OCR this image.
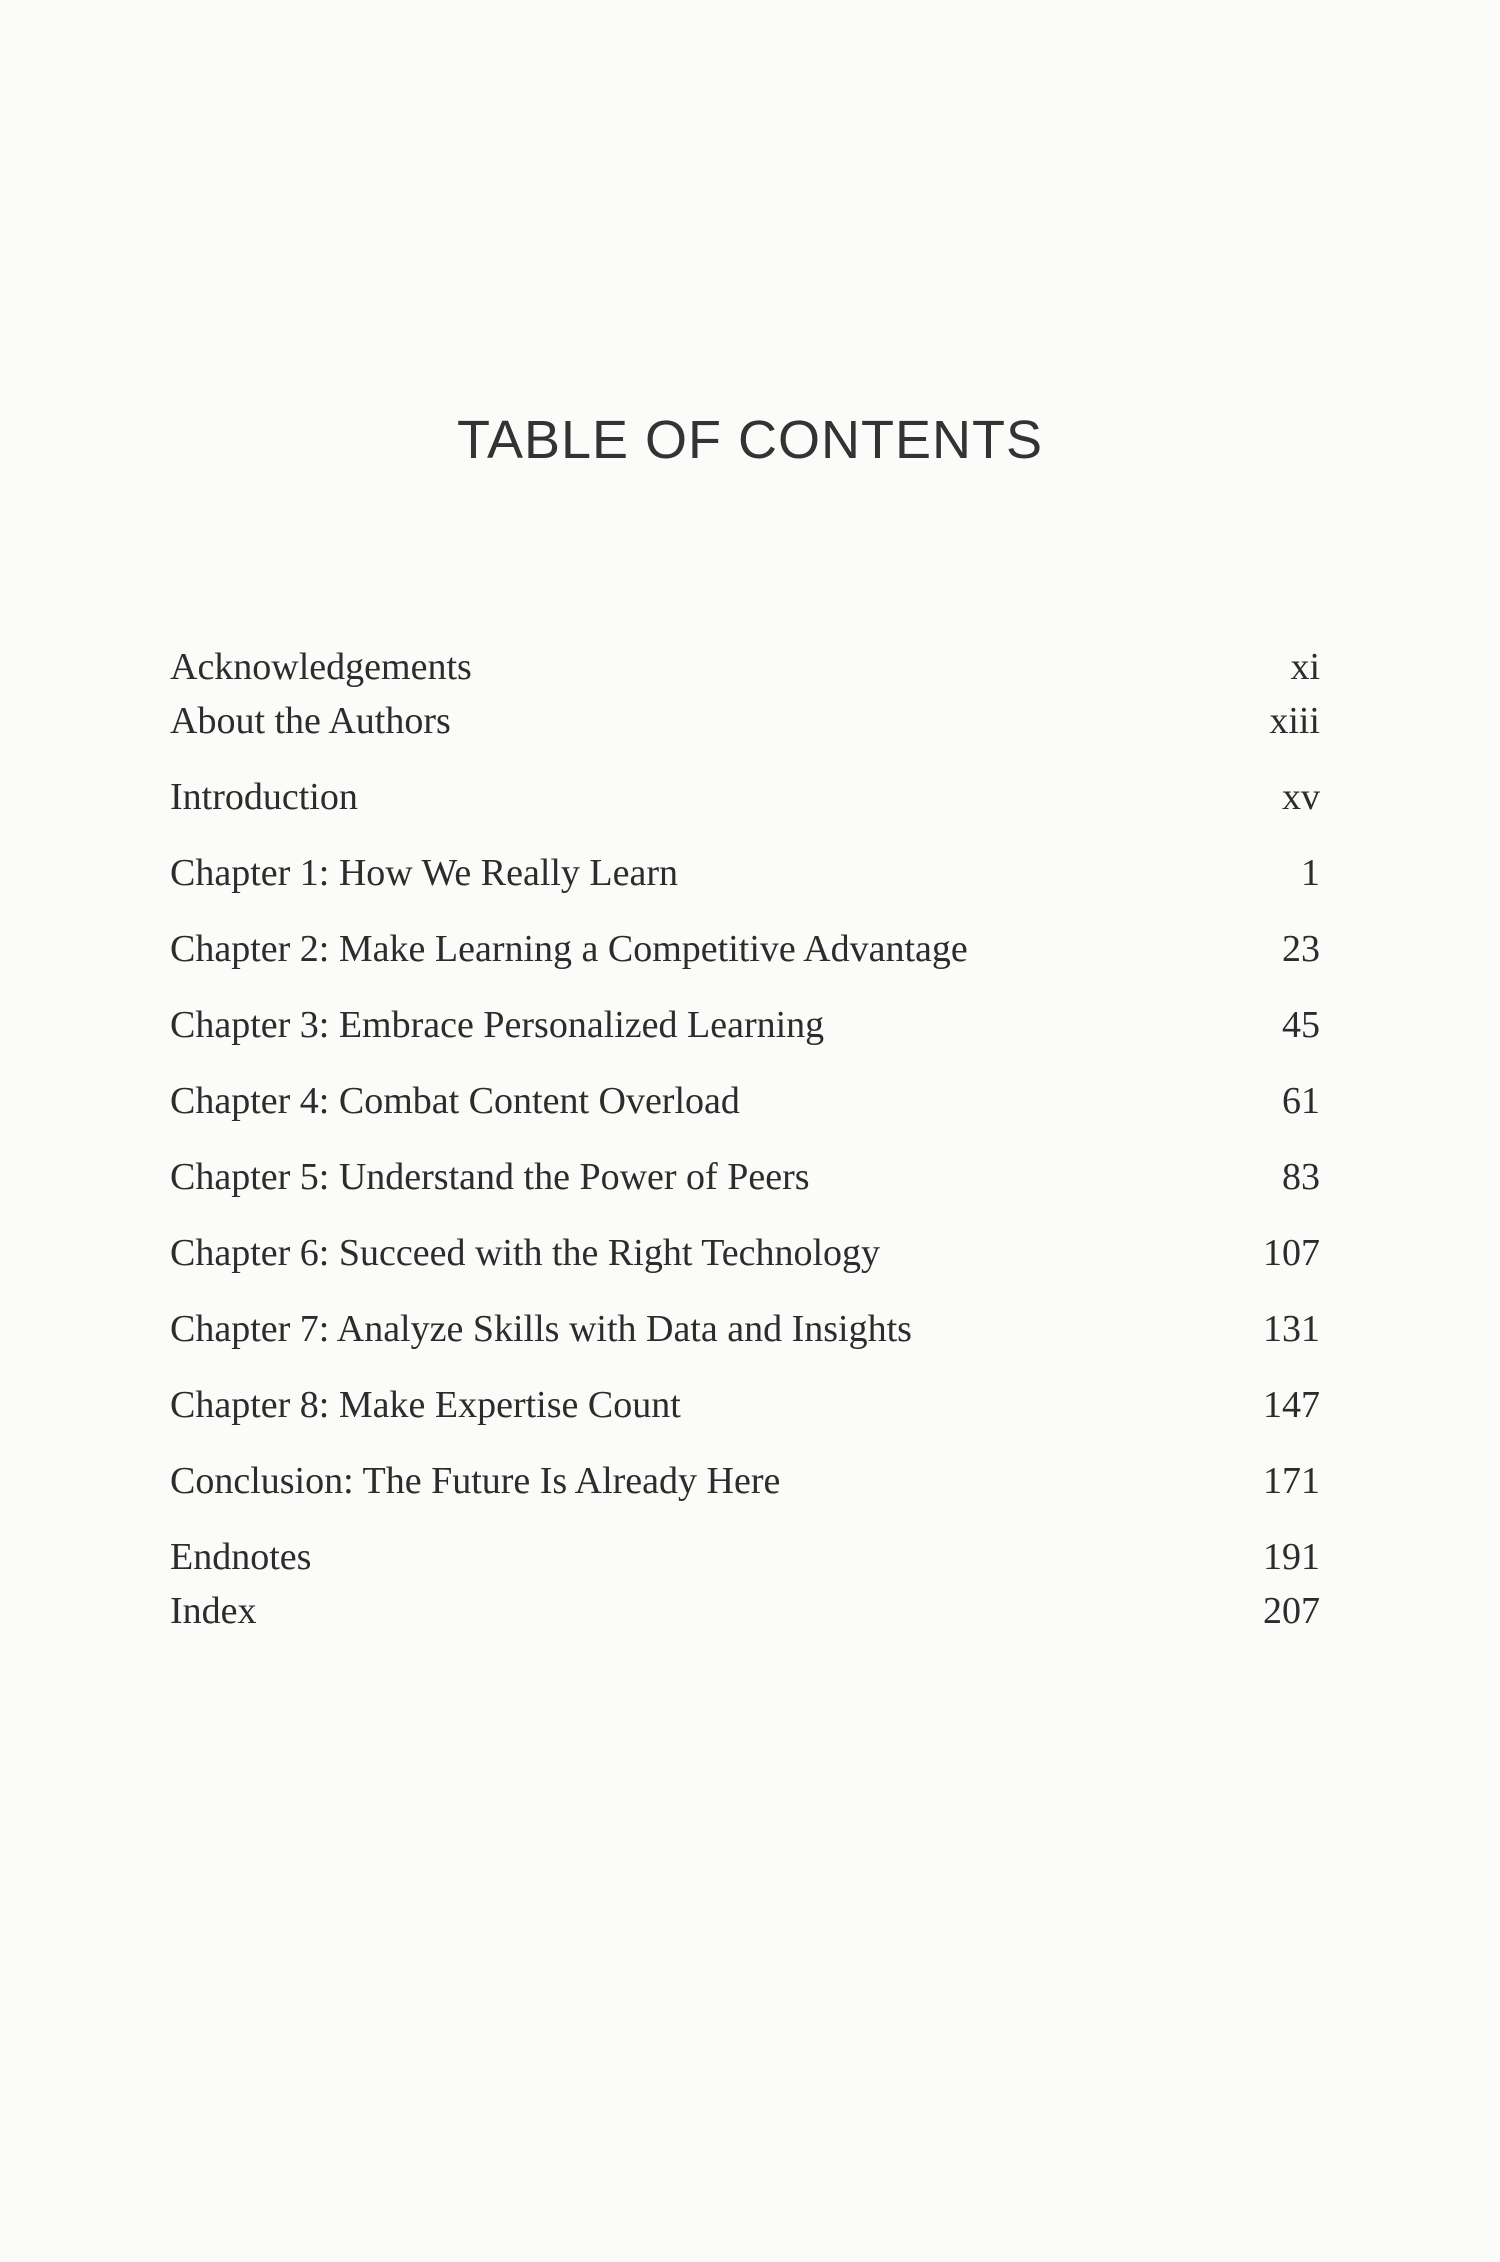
TABLE OF CONTENTS
Acknowledgements	xi
About the Authors	xiii
Introduction	xv
Chapter 1: How We Really Learn	1
Chapter 2: Make Learning a Competitive Advantage	23
Chapter 3: Embrace Personalized Learning	45
Chapter 4: Combat Content Overload	61
Chapter 5: Understand the Power of Peers	83
Chapter 6: Succeed with the Right Technology	107
Chapter 7: Analyze Skills with Data and Insights	131
Chapter 8: Make Expertise Count	147
Conclusion: The Future Is Already Here	171
Endnotes	191
Index	207
